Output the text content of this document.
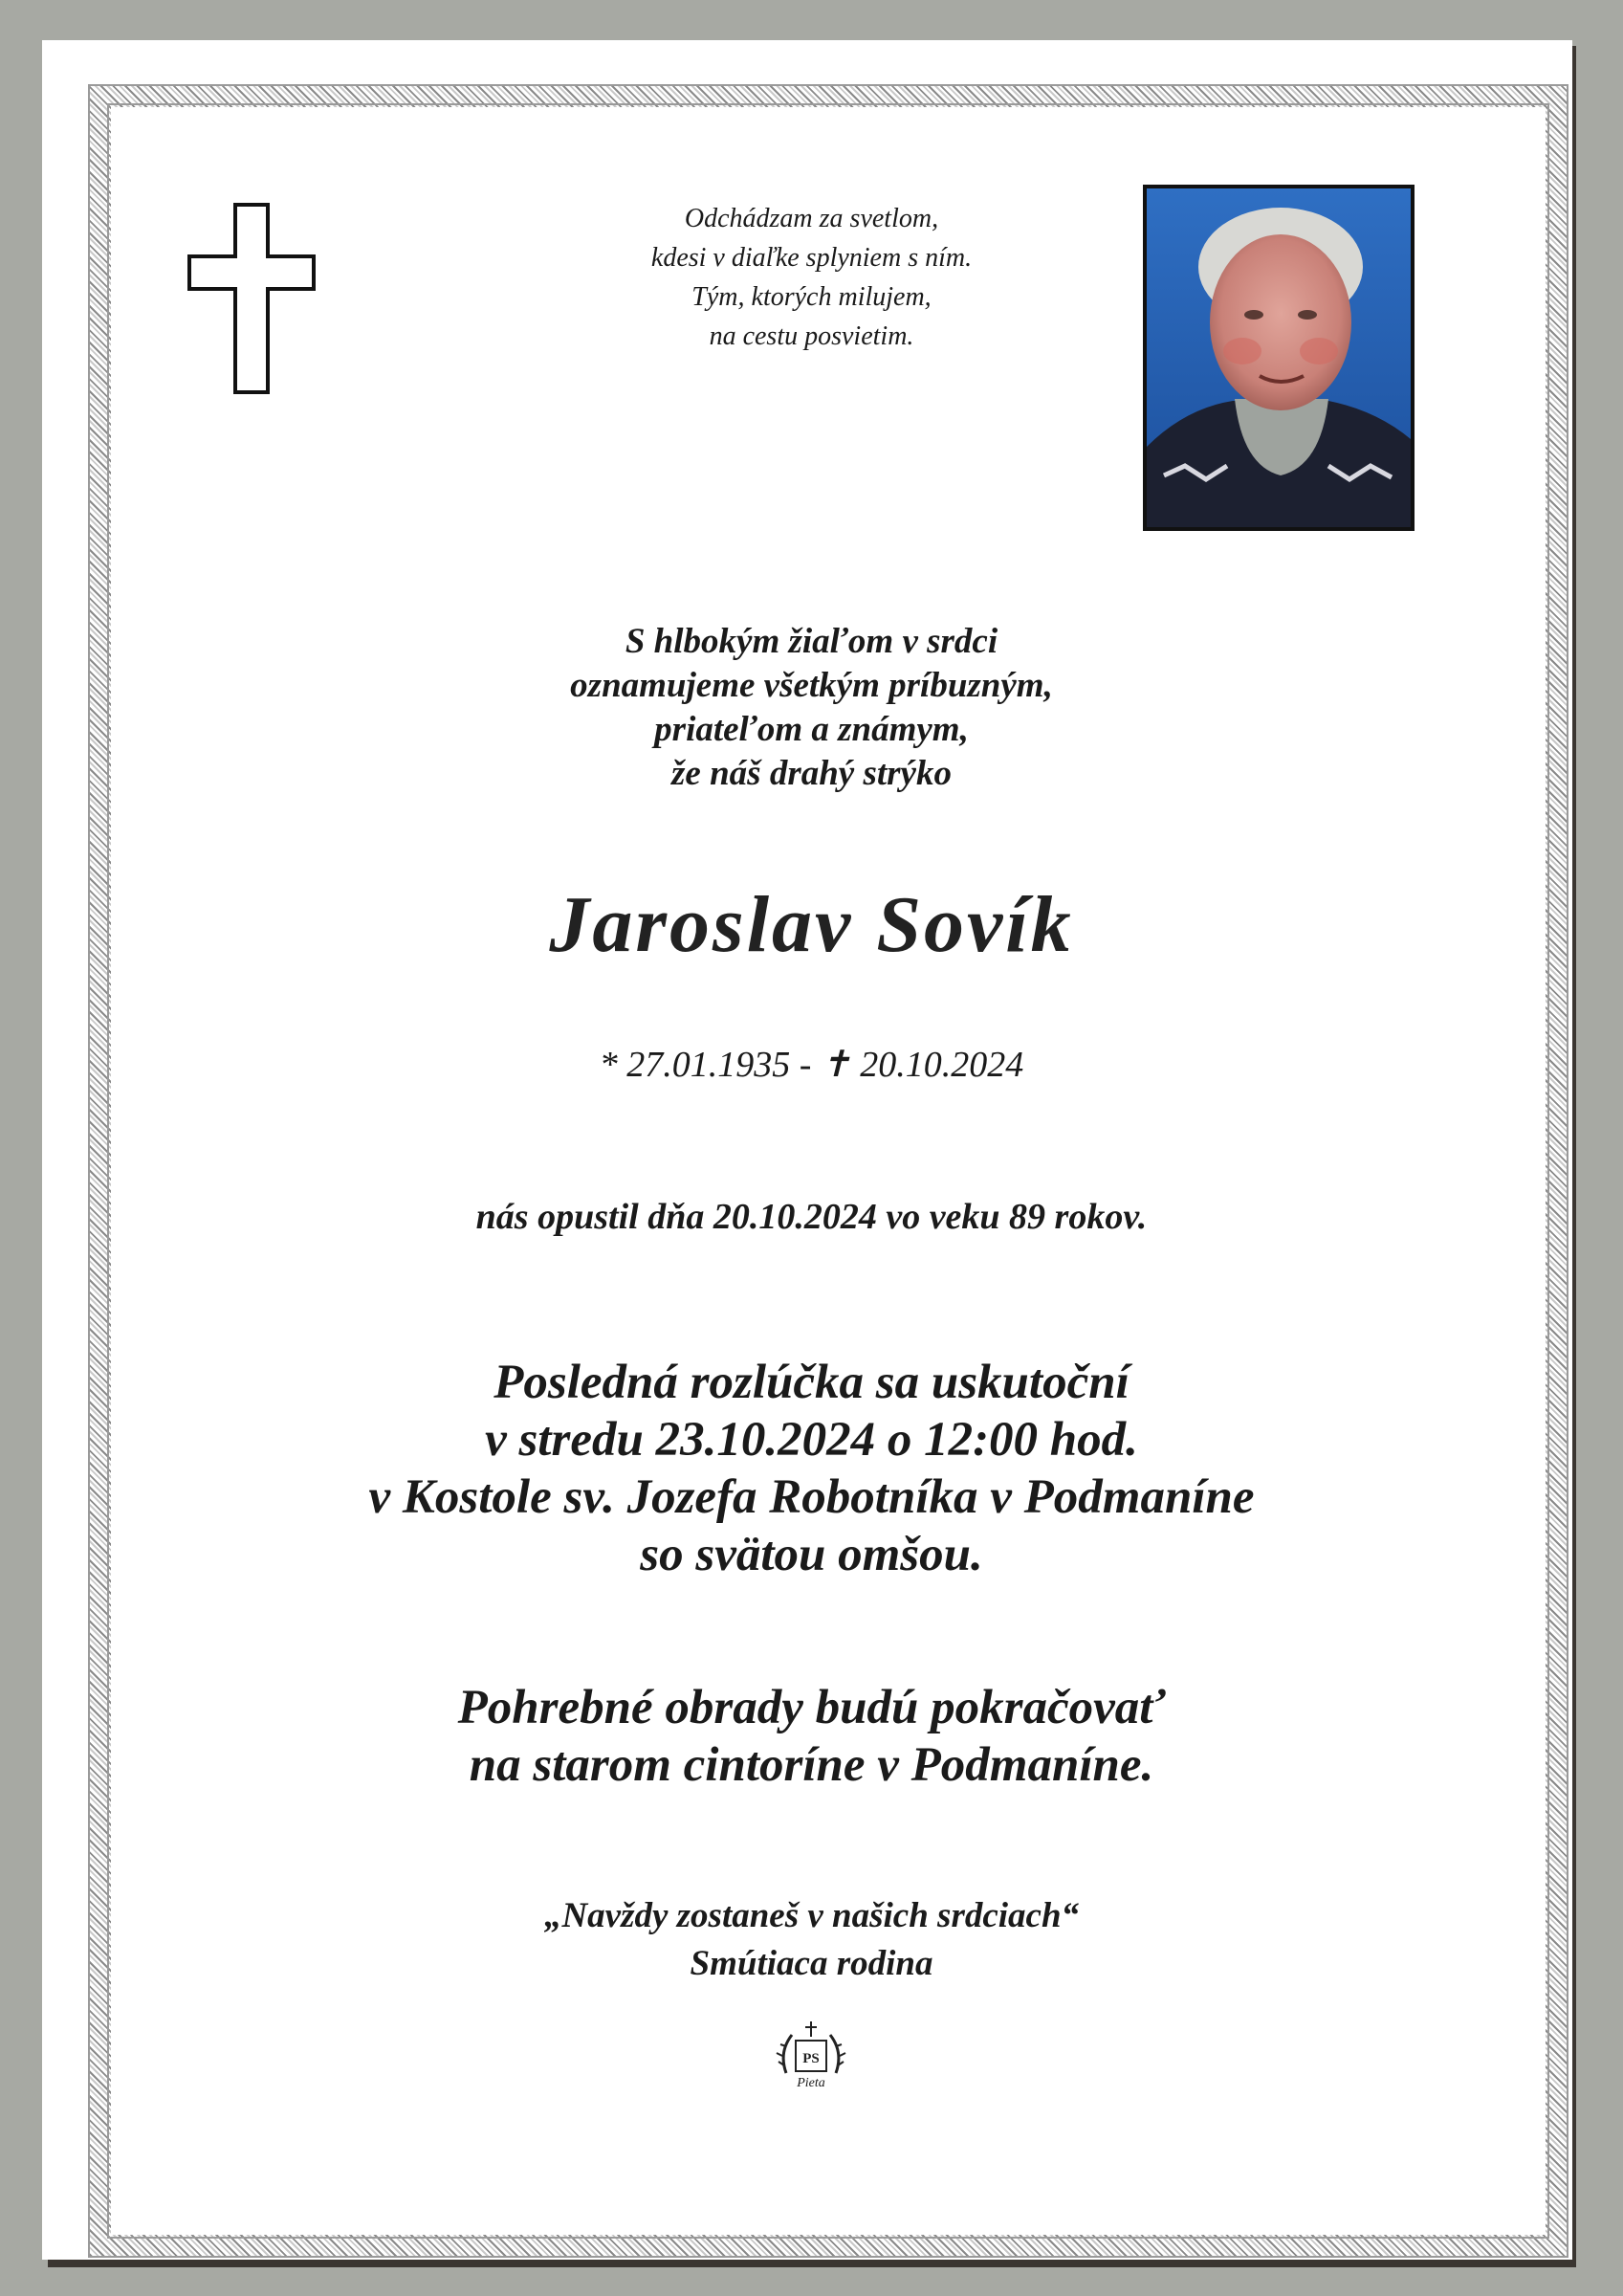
Odchádzam za svetlom,
kdesi v diaľke splyniem s ním.
Tým, ktorých milujem,
na cestu posvietim.
S hlbokým žiaľom v srdci
oznamujeme všetkým príbuzným,
priateľom a známym,
že náš drahý strýko
Jaroslav Sovík
* 27.01.1935 - ✝ 20.10.2024
nás opustil dňa 20.10.2024 vo veku 89 rokov.
Posledná rozlúčka sa uskutoční
v stredu 23.10.2024 o 12:00 hod.
v Kostole sv. Jozefa Robotníka v Podmaníne
so svätou omšou.
Pohrebné obrady budú pokračovať
na starom cintoríne v Podmaníne.
„Navždy zostaneš v našich srdciach“
Smútiaca rodina
PS
Pieta
